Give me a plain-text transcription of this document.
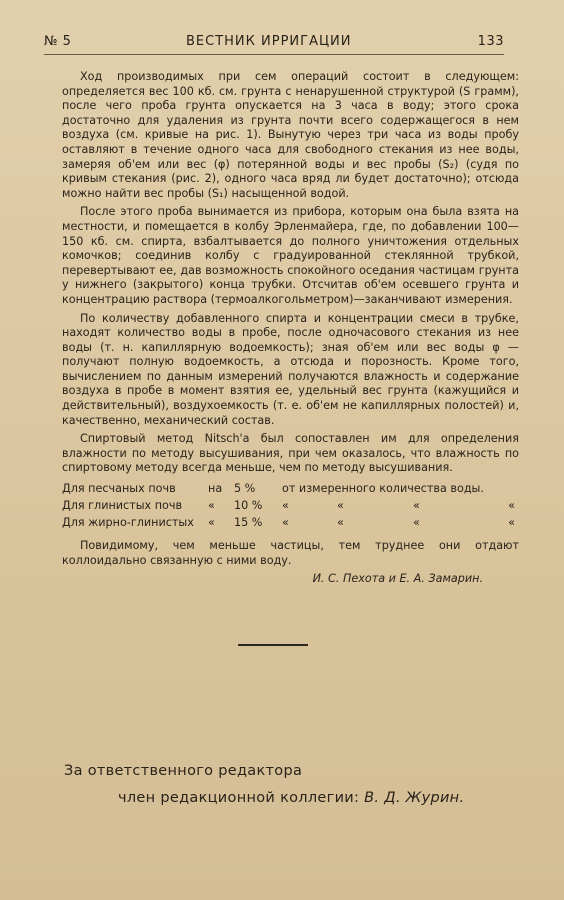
№ 5	ВЕСТНИК ИРРИГАЦИИ	133

Ход производимых при сем операций состоит в следующем: определяется вес 100 кб. см. грунта с ненарушенной структурой (S грамм), после чего проба грунта опускается на 3 часа в воду; этого срока достаточно для удаления из грунта почти всего содержащегося в нем воздуха (см. кривые на рис. 1). Вынутую через три часа из воды пробу оставляют в течение одного часа для свободного стекания из нее воды, замеряя об'ем или вес (φ) потерянной воды и вес пробы (S₂) (судя по кривым стекания (рис. 2), одного часа вряд ли будет достаточно); отсюда можно найти вес пробы (S₁) насыщенной водой.

После этого проба вынимается из прибора, которым она была взята на местности, и помещается в колбу Эрленмайера, где, по добавлении 100—150 кб. см. спирта, взбалтывается до полного уничтожения отдельных комочков; соединив колбу с градуированной стеклянной трубкой, перевертывают ее, дав возможность спокойного оседания частицам грунта у нижнего (закрытого) конца трубки. Отсчитав об'ем осевшего грунта и концентрацию раствора (термоалкогольметром)—заканчивают измерения.

По количеству добавленного спирта и концентрации смеси в трубке, находят количество воды в пробе, после одночасового стекания из нее воды (т. н. капиллярную водоемкость); зная об'ем или вес воды φ — получают полную водоемкость, а отсюда и порозность. Кроме того, вычислением по данным измерений получаются влажность и содержание воздуха в пробе в момент взятия ее, удельный вес грунта (кажущийся и действительный), воздухоемкость (т. е. об'ем не капиллярных полостей) и, качественно, механический состав.

Спиртовый метод Nitsch'а был сопоставлен им для определения влажности по методу высушивания, при чем оказалось, что влажность по спиртовому методу всегда меньше, чем по методу высушивания.

Для песчаных почв	на	5 %	от измеренного количества воды.
Для глинистых почв	«	10 %	«	«	«	«
Для жирно-глинистых	«	15 %	«	«	«	«

Повидимому, чем меньше частицы, тем труднее они отдают коллоидально связанную с ними воду.

И. С. Пехота и Е. А. Замарин.
За ответственного редактора
член редакционной коллегии: В. Д. Журин.
